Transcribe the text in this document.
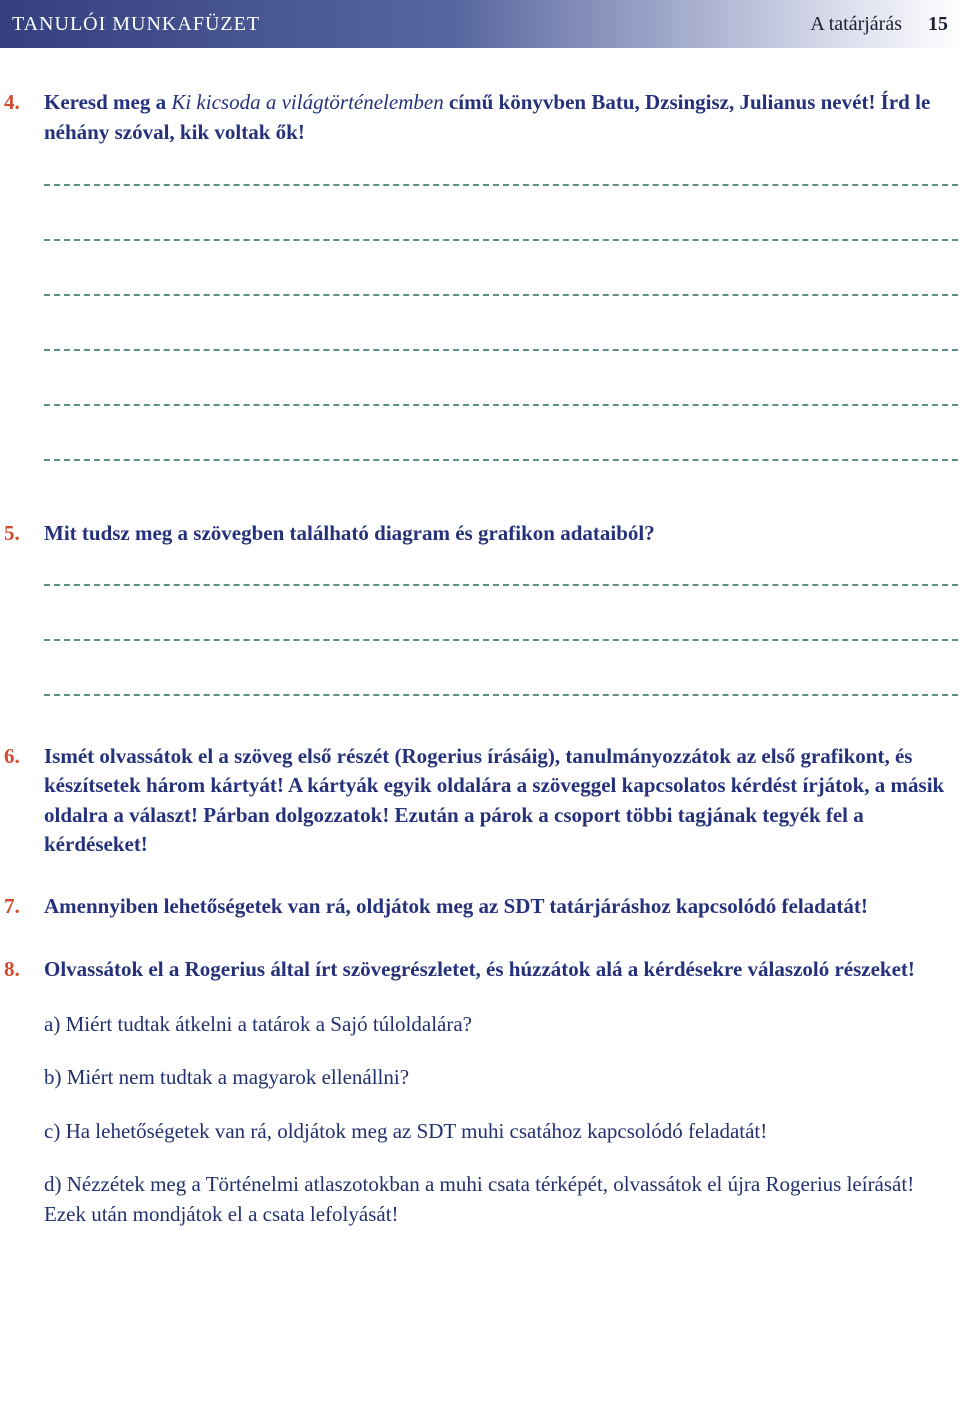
TANULÓI MUNKAFÜZET	A tatárjárás 15
4. Keresd meg a Ki kicsoda a világtörténelemben című könyvben Batu, Dzsingisz, Julianus nevét! Írd le néhány szóval, kik voltak ők!
5. Mit tudsz meg a szövegben található diagram és grafikon adataiból?
6. Ismét olvassátok el a szöveg első részét (Rogerius írásáig), tanulmányozzátok az első grafikont, és készítsetek három kártyát! A kártyák egyik oldalára a szöveggel kapcsolatos kérdést írjátok, a másik oldalra a választ! Párban dolgozzatok! Ezután a párok a csoport többi tagjának tegyék fel a kérdéseket!
7. Amennyiben lehetőségetek van rá, oldjátok meg az SDT tatárjáráshoz kapcsolódó feladatát!
8. Olvassátok el a Rogerius által írt szövegrészletet, és húzzátok alá a kérdésekre válaszoló részeket!
a) Miért tudtak átkelni a tatárok a Sajó túloldalára?
b) Miért nem tudtak a magyarok ellenállni?
c) Ha lehetőségetek van rá, oldjátok meg az SDT muhi csatához kapcsolódó feladatát!
d) Nézzétek meg a Történelmi atlaszotokban a muhi csata térképét, olvassátok el újra Rogerius leírását! Ezek után mondjátok el a csata lefolyását!
